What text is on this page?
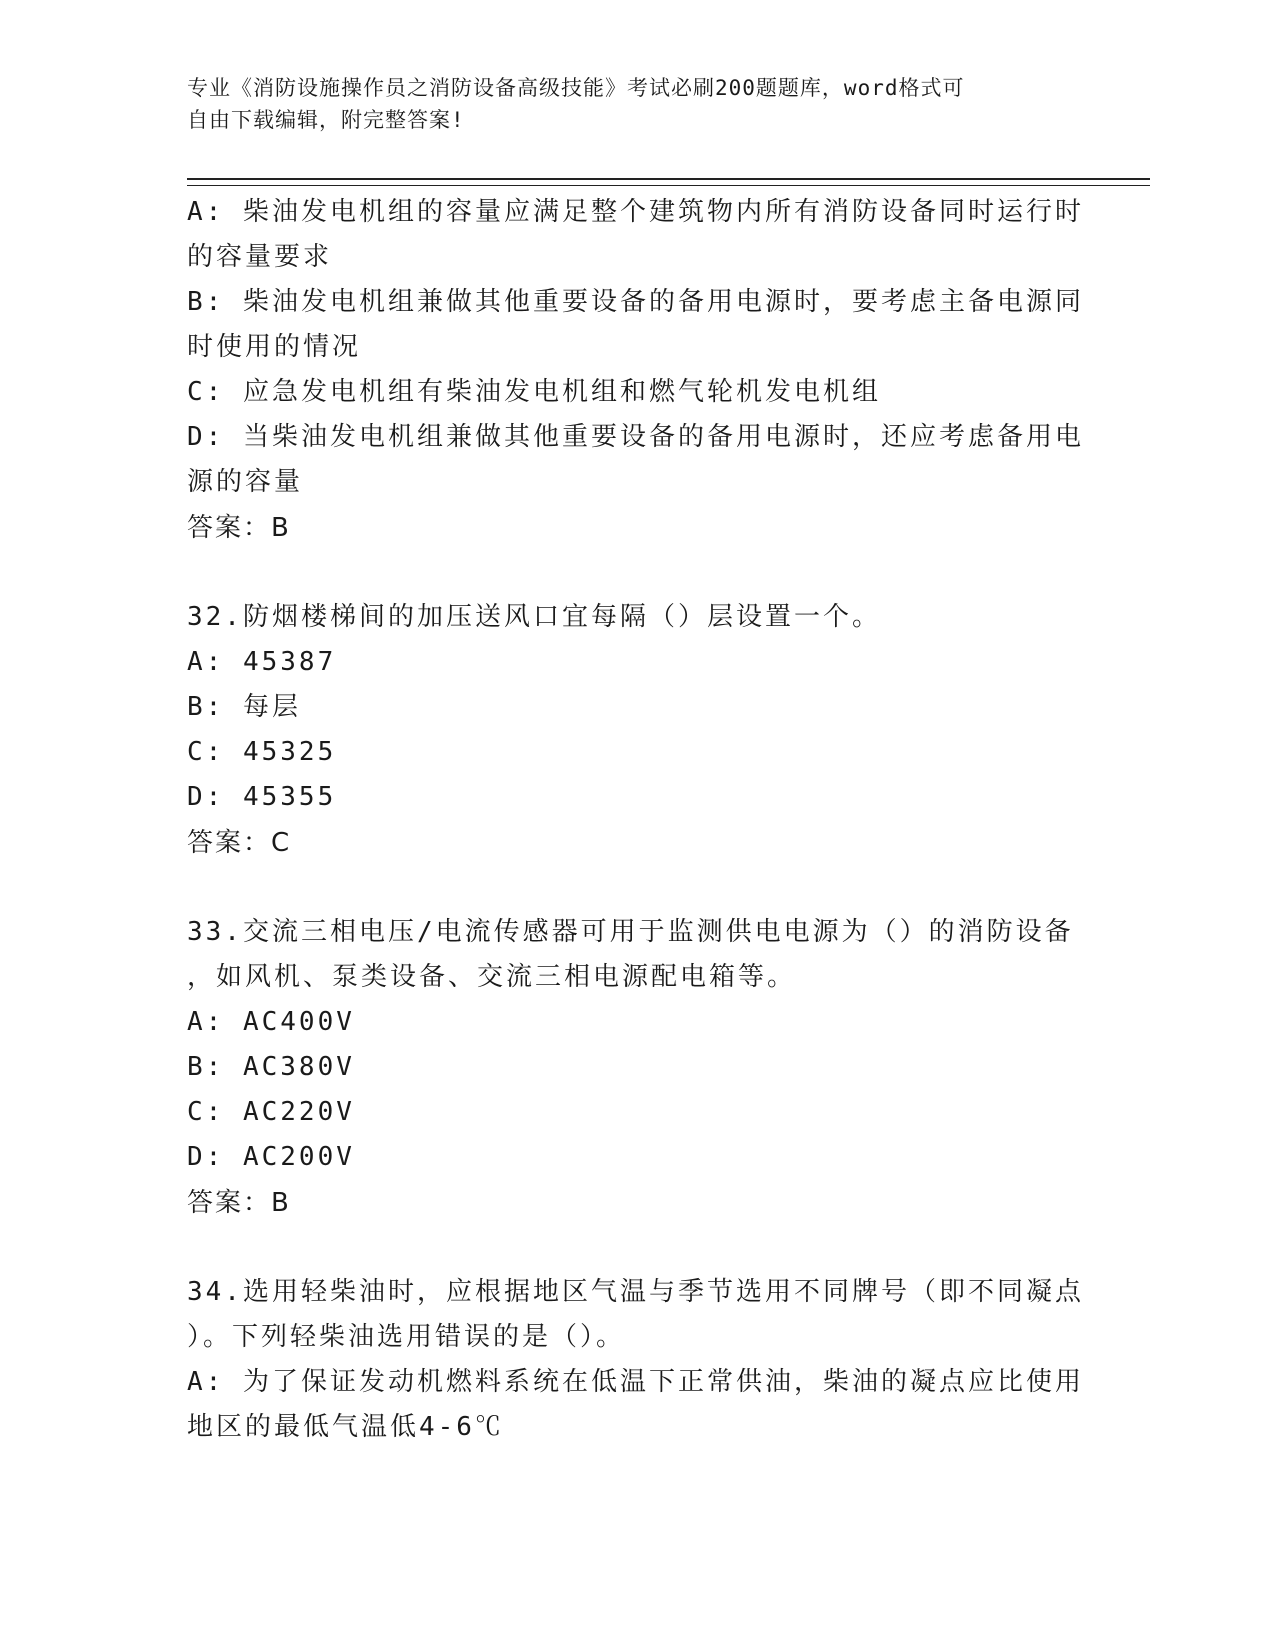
专业《消防设施操作员之消防设备高级技能》考试必刷200题题库，word格式可
自由下载编辑，附完整答案!
A: 柴油发电机组的容量应满足整个建筑物内所有消防设备同时运行时
的容量要求
B: 柴油发电机组兼做其他重要设备的备用电源时，要考虑主备电源同
时使用的情况
C: 应急发电机组有柴油发电机组和燃气轮机发电机组
D: 当柴油发电机组兼做其他重要设备的备用电源时，还应考虑备用电
源的容量
答案：B
32.防烟楼梯间的加压送风口宜每隔（）层设置一个。
A: 45387
B: 每层
C: 45325
D: 45355
答案：C
33.交流三相电压/电流传感器可用于监测供电电源为（）的消防设备
，如风机、泵类设备、交流三相电源配电箱等。
A: AC400V
B: AC380V
C: AC220V
D: AC200V
答案：B
34.选用轻柴油时，应根据地区气温与季节选用不同牌号（即不同凝点
）。下列轻柴油选用错误的是（）。
A: 为了保证发动机燃料系统在低温下正常供油，柴油的凝点应比使用
地区的最低气温低4-6℃
